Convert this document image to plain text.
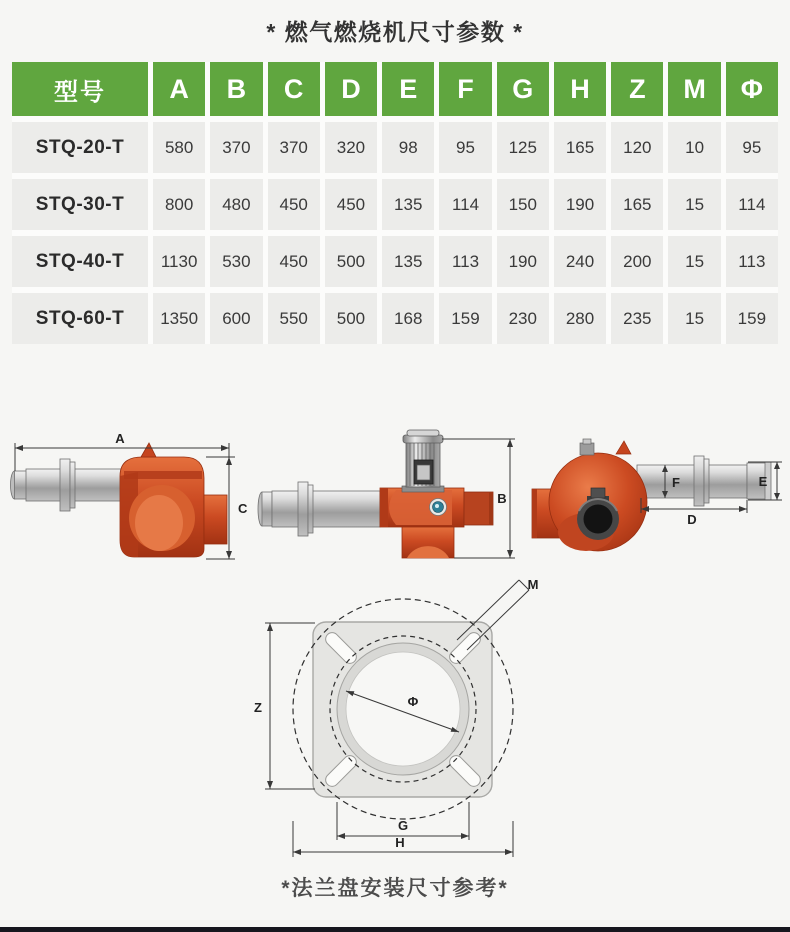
* 燃气燃烧机尺寸参数 *
型号	A	B	C	D	E	F	G	H	Z	M	Φ
STQ-20-T	580	370	370	320	98	95	125	165	120	10	95
STQ-30-T	800	480	450	450	135	114	150	190	165	15	114
STQ-40-T	1130	530	450	500	135	113	190	240	200	15	113
STQ-60-T	1350	600	550	500	168	159	230	280	235	15	159
A
C
B
F	E
D
Z
M
Φ
G
H
*法兰盘安装尺寸参考*
